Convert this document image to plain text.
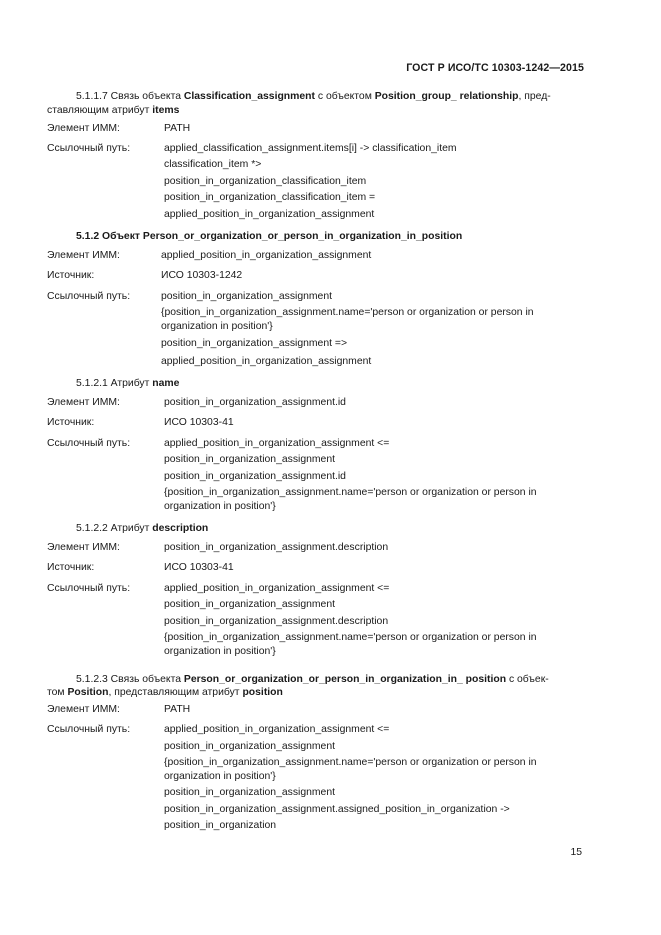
ГОСТ Р ИСО/ТС 10303-1242—2015

5.1.1.7 Связь объекта Classification_assignment с объектом Position_group_ relationship, пред-

ставляющим атрибут items

Элемент ИММ:	PATH
Ссылочный путь:	applied_classification_assignment.items[i] -> classification_item
classification_item *>
position_in_organization_classification_item
position_in_organization_classification_item =
applied_position_in_organization_assignment

5.1.2 Объект Person_or_organization_or_person_in_organization_in_position

Элемент ИММ:	applied_position_in_organization_assignment
Источник:	ИСО 10303-1242
Ссылочный путь:	position_in_organization_assignment
{position_in_organization_assignment.name='person or organization or person in
organization in position'}
position_in_organization_assignment =>
applied_position_in_organization_assignment

5.1.2.1 Атрибут name

Элемент ИММ:	position_in_organization_assignment.id
Источник:	ИСО 10303-41
Ссылочный путь:	applied_position_in_organization_assignment <=
position_in_organization_assignment
position_in_organization_assignment.id
{position_in_organization_assignment.name='person or organization or person in
organization in position'}

5.1.2.2 Атрибут description

Элемент ИММ:	position_in_organization_assignment.description
Источник:	ИСО 10303-41
Ссылочный путь:	applied_position_in_organization_assignment <=
position_in_organization_assignment
position_in_organization_assignment.description
{position_in_organization_assignment.name='person or organization or person in
organization in position'}

5.1.2.3 Связь объекта Person_or_organization_or_person_in_organization_in_ position с объек-

том Position, представляющим атрибут position

Элемент ИММ:	PATH
Ссылочный путь:	applied_position_in_organization_assignment <=
position_in_organization_assignment
{position_in_organization_assignment.name='person or organization or person in
organization in position'}
position_in_organization_assignment
position_in_organization_assignment.assigned_position_in_organization ->
position_in_organization
15
